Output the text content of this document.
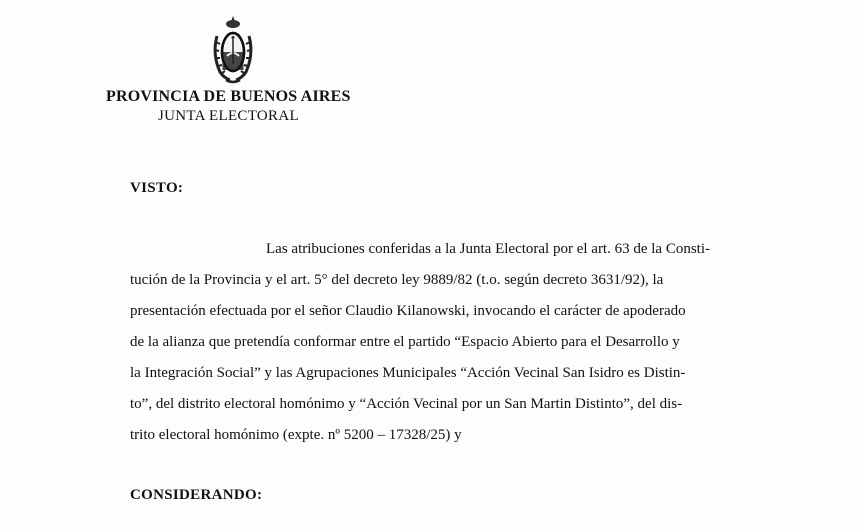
PROVINCIA DE BUENOS AIRES
JUNTA ELECTORAL
VISTO:
Las atribuciones conferidas a la Junta Electoral por el art. 63 de la Consti-
tución de la Provincia y el art. 5° del decreto ley 9889/82 (t.o. según decreto 3631/92), la
presentación efectuada por el señor Claudio Kilanowski, invocando el carácter de apoderado
de la alianza que pretendía conformar entre el partido “Espacio Abierto para el Desarrollo y
la Integración Social” y las Agrupaciones Municipales “Acción Vecinal San Isidro es Distin-
to”, del distrito electoral homónimo y “Acción Vecinal por un San Martin Distinto”, del dis-
trito electoral homónimo (expte. nº 5200 – 17328/25) y
CONSIDERANDO:
